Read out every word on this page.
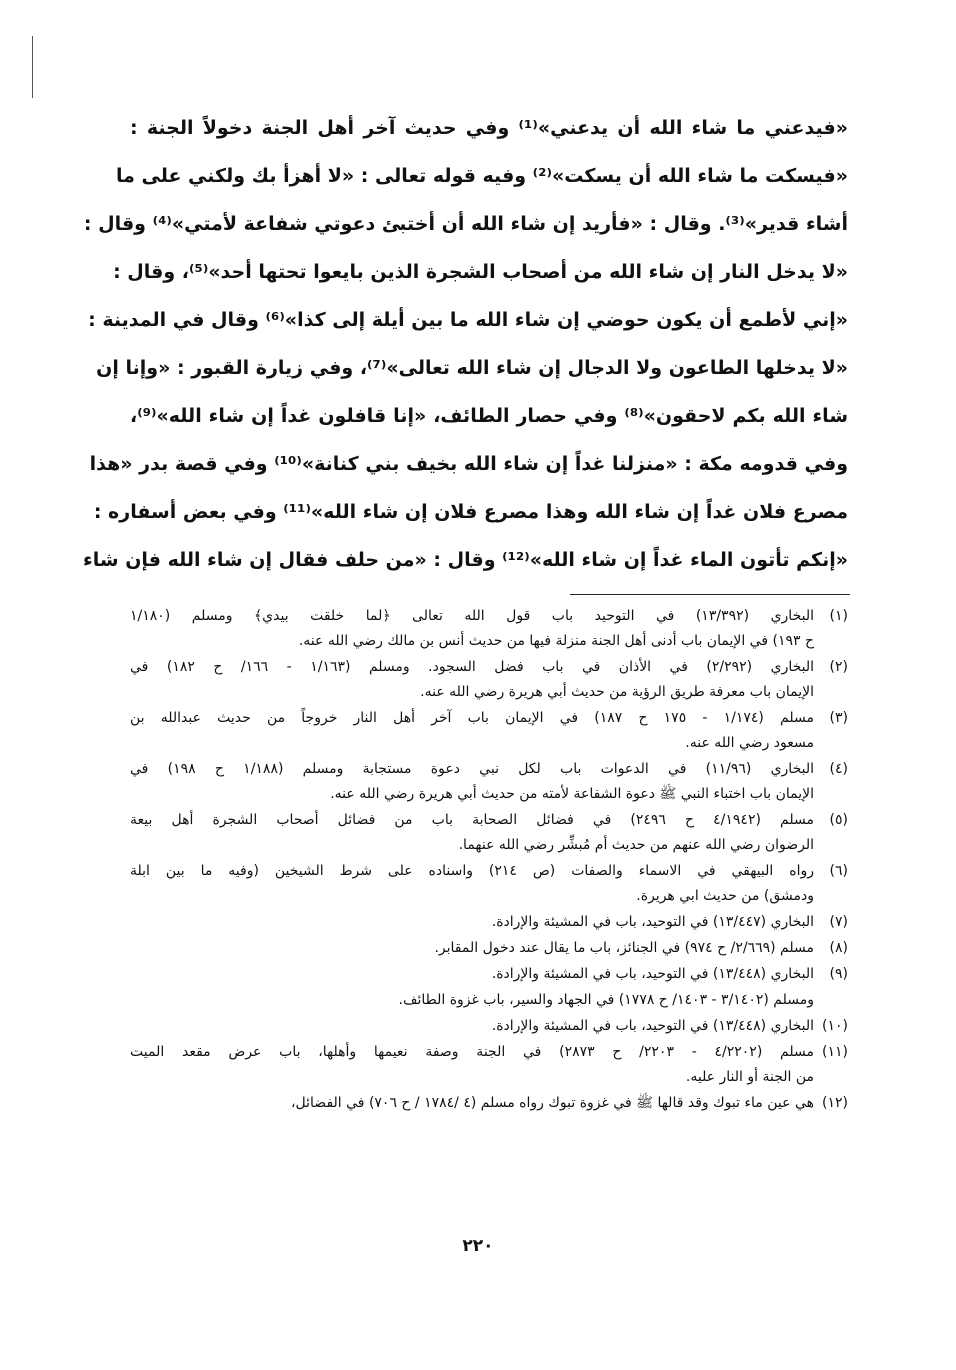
«فيدعني ما شاء الله أن يدعني»⁽¹⁾ وفي حديث آخر أهل الجنة دخولاً الجنة :
«فيسكت ما شاء الله أن يسكت»⁽²⁾ وفيه قوله تعالى : «لا أهزأ بك ولكني على ما
أشاء قدير»⁽³⁾. وقال : «فأريد إن شاء الله أن أختبئ دعوتي شفاعة لأمتي»⁽⁴⁾ وقال :
«لا يدخل النار إن شاء الله من أصحاب الشجرة الذين بايعوا تحتها أحد»⁽⁵⁾، وقال :
«إني لأطمع أن يكون حوضي إن شاء الله ما بين أيلة إلى كذا»⁽⁶⁾ وقال في المدينة :
«لا يدخلها الطاعون ولا الدجال إن شاء الله تعالى»⁽⁷⁾، وفي زيارة القبور : «وإنا إن
شاء الله بكم لاحقون»⁽⁸⁾ وفي حصار الطائف، «إنا قافلون غداً إن شاء الله»⁽⁹⁾،
وفي قدومه مكة : «منزلنا غداً إن شاء الله بخيف بني كنانة»⁽¹⁰⁾ وفي قصة بدر «هذا
مصرع فلان غداً إن شاء الله وهذا مصرع فلان إن شاء الله»⁽¹¹⁾ وفي بعض أسفاره :
«إنكم تأتون الماء غداً إن شاء الله»⁽¹²⁾ وقال : «من حلف فقال إن شاء الله فإن شاء
(١)
البخاري (١٣/٣٩٢) في التوحيد باب قول الله تعالى ﴿لما خلقت بيدي﴾ ومسلم (١/١٨٠
ح ١٩٣) في الإيمان باب أدنى أهل الجنة منزلة فيها من حديث أنس بن مالك رضي الله عنه.
(٢)
البخاري (٢/٢٩٢) في الأذان في باب فضل السجود. ومسلم (١/١٦٣ - ١٦٦/ ح ١٨٢) في
الإيمان باب معرفة طريق الرؤية من حديث أبي هريرة رضي الله عنه.
(٣)
مسلم (١/١٧٤ - ١٧٥ ح ١٨٧) في الإيمان باب آخر أهل النار خروجاً من حديث عبدالله بن
مسعود رضي الله عنه.
(٤)
البخاري (١١/٩٦) في الدعوات باب لكل نبي دعوة مستجابة ومسلم (١/١٨٨ ح ١٩٨) في
الإيمان باب اختباء النبي ﷺ دعوة الشفاعة لأمته من حديث أبي هريرة رضي الله عنه.
(٥)
مسلم (٤/١٩٤٢ ح ٢٤٩٦) في فضائل الصحابة باب من فضائل أصحاب الشجرة أهل بيعة
الرضوان رضي الله عنهم من حديث أم مُبشِّر رضي الله عنهما.
(٦)
رواه البيهقي في الاسماء والصفات (ص ٢١٤) واسناده على شرط الشيخين (وفيه ما بين ابلة
ودمشق) من حديث ابي هريرة.
(٧)
البخاري (١٣/٤٤٧) في التوحيد، باب في المشيئة والإرادة.
(٨)
مسلم (٢/٦٦٩/ ح ٩٧٤) في الجنائز، باب ما يقال عند دخول المقابر.
(٩)
البخاري (١٣/٤٤٨) في التوحيد، باب في المشيئة والإرادة.
ومسلم (٣/١٤٠٢ - ١٤٠٣/ ح ١٧٧٨) في الجهاد والسير، باب غزوة الطائف.
(١٠)
البخاري (١٣/٤٤٨) في التوحيد، باب في المشيئة والإرادة.
(١١)
مسلم (٤/٢٢٠٢ - ٢٢٠٣/ ح ٢٨٧٣) في الجنة وصفة نعيمها وأهلها، باب عرض مقعد الميت
من الجنة أو النار عليه.
(١٢)
هي عين ماء تبوك وقد قالها ﷺ في غزوة تبوك رواه مسلم (٤ /١٧٨٤ / ح ٧٠٦) في الفضائل،
٢٢٠
